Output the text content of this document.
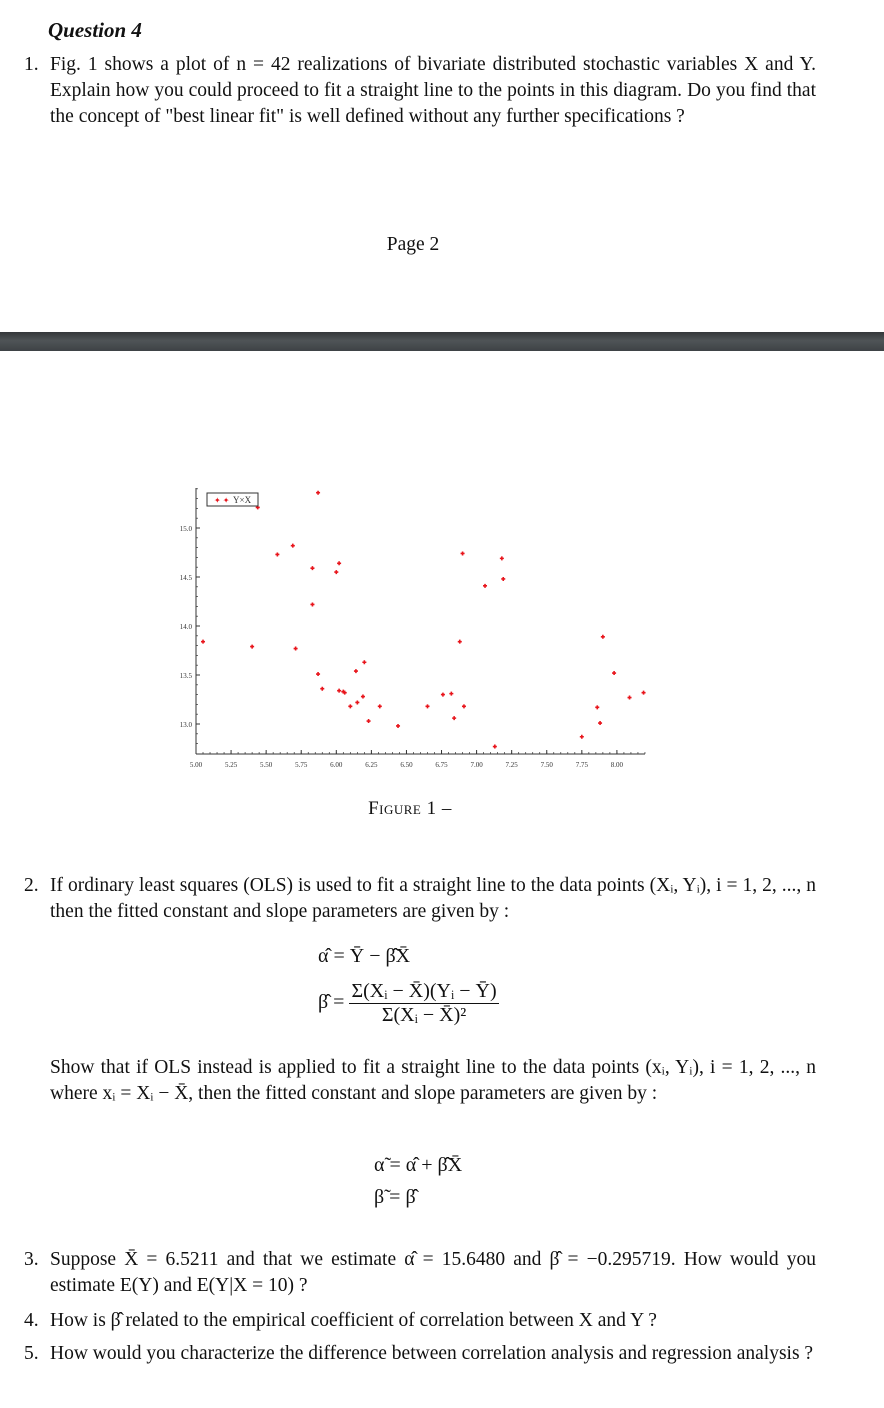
Question 4
1. Fig. 1 shows a plot of n = 42 realizations of bivariate distributed stochastic variables X and Y. Explain how you could proceed to fit a straight line to the points in this diagram. Do you find that the concept of "best linear fit" is well defined without any further specifications ?
Page 2
5.00	5.25	5.50	5.75	6.00	6.25	6.50	6.75	7.00	7.25	7.50	7.75	8.00
13.0
13.5
14.0
14.5
15.0
✦ ✦ Y×X
Figure 1 –
2. If ordinary least squares (OLS) is used to fit a straight line to the data points (Xᵢ, Yᵢ), i = 1, 2, ..., n then the fitted constant and slope parameters are given by :
α̂ = Ȳ − β̂X̄
β̂ = $\frac{\text{Σ(Xᵢ − X̄)(Yᵢ − Ȳ)}}{\text{Σ(Xᵢ − X̄)²}}$
Show that if OLS instead is applied to fit a straight line to the data points (xᵢ, Yᵢ), i = 1, 2, ..., n where xᵢ = Xᵢ − X̄, then the fitted constant and slope parameters are given by :
α̃ = α̂ + β̂X̄
β̃ = β̂
3. Suppose X̄ = 6.5211 and that we estimate α̂ = 15.6480 and β̂ = −0.295719. How would you estimate E(Y) and E(Y|X = 10) ?
4. How is β̂ related to the empirical coefficient of correlation between X and Y ?
5. How would you characterize the difference between correlation analysis and regression analysis ?
